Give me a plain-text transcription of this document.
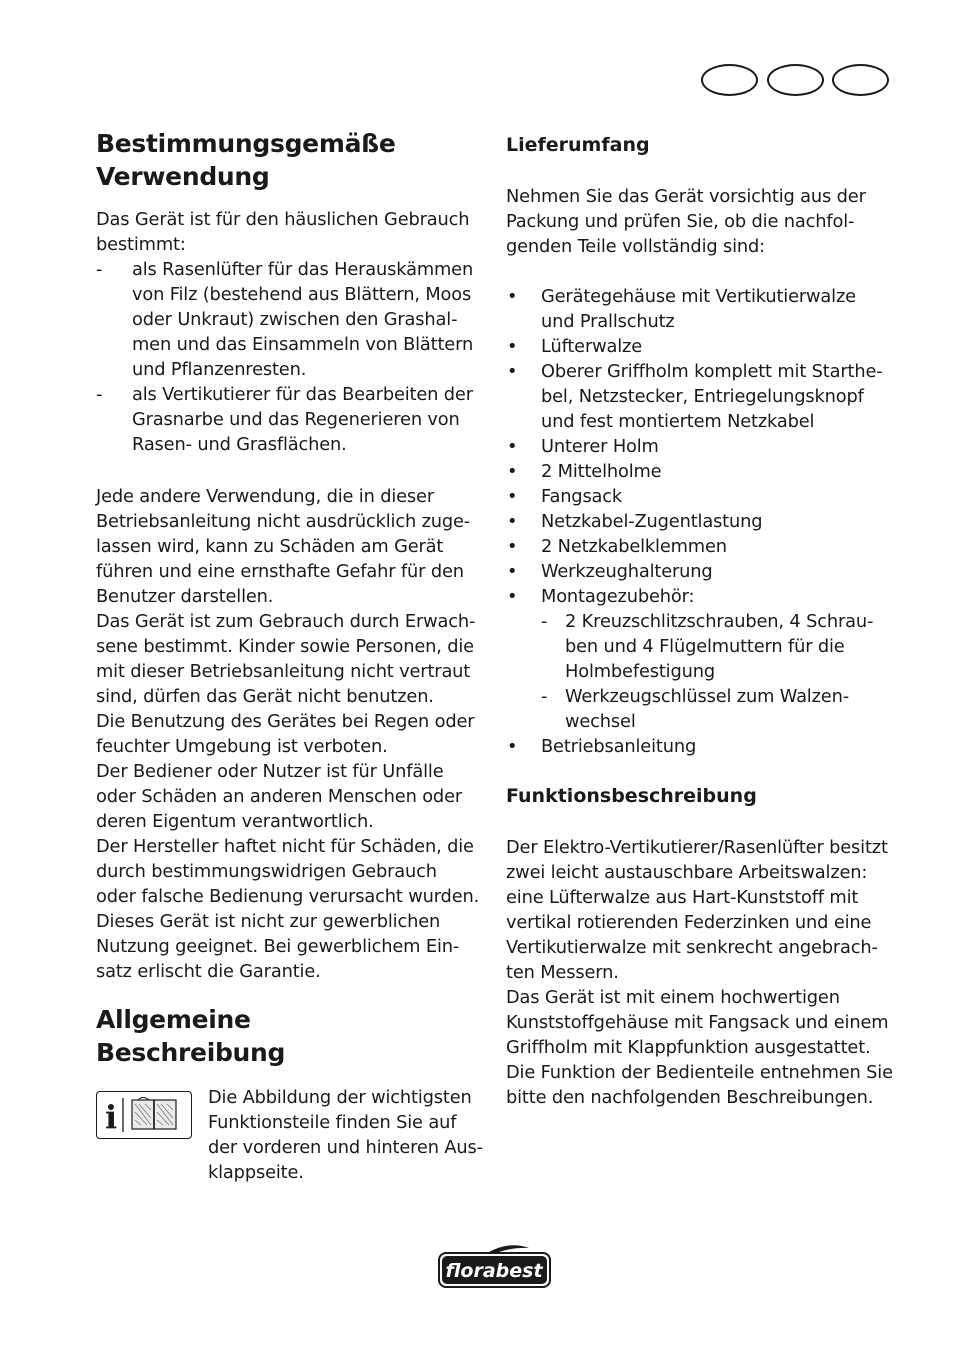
Bestimmungsgemäße
Verwendung
Das Gerät ist für den häuslichen Gebrauch
bestimmt:
- als Rasenlüfter für das Herauskämmen
von Filz (bestehend aus Blättern, Moos
oder Unkraut) zwischen den Grashal-
men und das Einsammeln von Blättern
und Pflanzenresten.
- als Vertikutierer für das Bearbeiten der
Grasnarbe und das Regenerieren von
Rasen- und Grasflächen.
Jede andere Verwendung, die in dieser
Betriebsanleitung nicht ausdrücklich zuge-
lassen wird, kann zu Schäden am Gerät
führen und eine ernsthafte Gefahr für den
Benutzer darstellen.
Das Gerät ist zum Gebrauch durch Erwach-
sene bestimmt. Kinder sowie Personen, die
mit dieser Betriebsanleitung nicht vertraut
sind, dürfen das Gerät nicht benutzen.
Die Benutzung des Gerätes bei Regen oder
feuchter Umgebung ist verboten.
Der Bediener oder Nutzer ist für Unfälle
oder Schäden an anderen Menschen oder
deren Eigentum verantwortlich.
Der Hersteller haftet nicht für Schäden, die
durch bestimmungswidrigen Gebrauch
oder falsche Bedienung verursacht wurden.
Dieses Gerät ist nicht zur gewerblichen
Nutzung geeignet. Bei gewerblichem Ein-
satz erlischt die Garantie.
Allgemeine
Beschreibung
i
Die Abbildung der wichtigsten
Funktionsteile finden Sie auf
der vorderen und hinteren Aus-
klappseite.
Lieferumfang
Nehmen Sie das Gerät vorsichtig aus der
Packung und prüfen Sie, ob die nachfol-
genden Teile vollständig sind:
• Gerätegehäuse mit Vertikutierwalze
und Prallschutz
• Lüfterwalze
• Oberer Griffholm komplett mit Starthe-
bel, Netzstecker, Entriegelungsknopf
und fest montiertem Netzkabel
• Unterer Holm
• 2 Mittelholme
• Fangsack
• Netzkabel-Zugentlastung
• 2 Netzkabelklemmen
• Werkzeughalterung
• Montagezubehör:
- 2 Kreuzschlitzschrauben, 4 Schrau-
ben und 4 Flügelmuttern für die
Holmbefestigung
- Werkzeugschlüssel zum Walzen-
wechsel
• Betriebsanleitung
Funktionsbeschreibung
Der Elektro-Vertikutierer/Rasenlüfter besitzt
zwei leicht austauschbare Arbeitswalzen:
eine Lüfterwalze aus Hart-Kunststoff mit
vertikal rotierenden Federzinken und eine
Vertikutierwalze mit senkrecht angebrach-
ten Messern.
Das Gerät ist mit einem hochwertigen
Kunststoffgehäuse mit Fangsack und einem
Griffholm mit Klappfunktion ausgestattet.
Die Funktion der Bedienteile entnehmen Sie
bitte den nachfolgenden Beschreibungen.
florabest
